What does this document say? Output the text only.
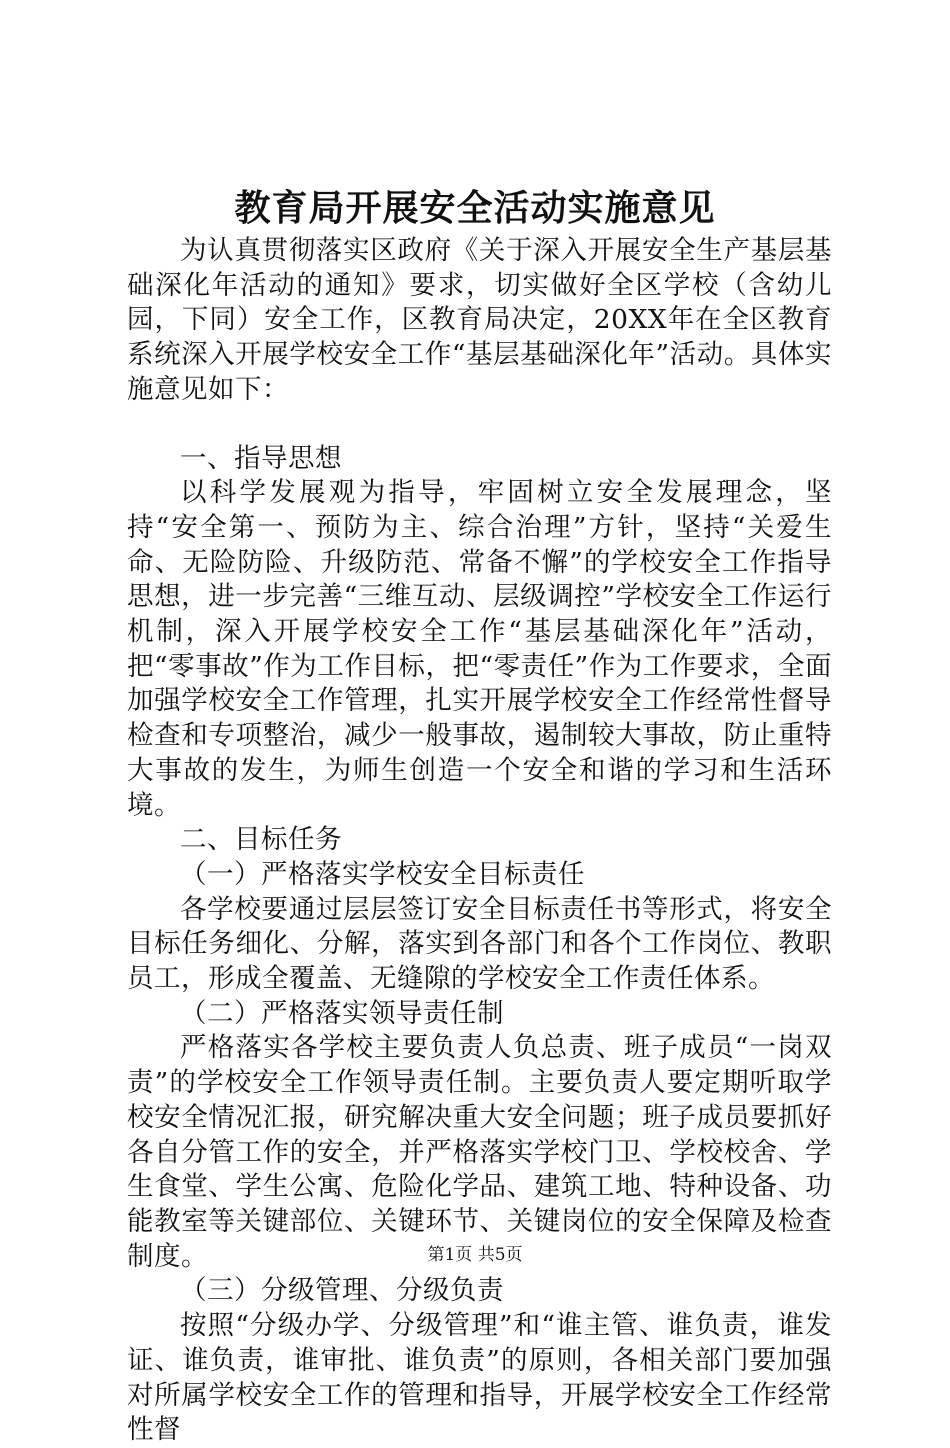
教育局开展安全活动实施意见

为认真贯彻落实区政府《关于深入开展安全生产基层基础深化年活动的通知》要求，切实做好全区学校（含幼儿园，下同）安全工作，区教育局决定，20XX年在全区教育系统深入开展学校安全工作“基层基础深化年”活动。具体实施意见如下：

一、指导思想

以科学发展观为指导，牢固树立安全发展理念，坚持“安全第一、预防为主、综合治理”方针，坚持“关爱生命、无险防险、升级防范、常备不懈”的学校安全工作指导思想，进一步完善“三维互动、层级调控”学校安全工作运行机制，深入开展学校安全工作“基层基础深化年”活动，把“零事故”作为工作目标，把“零责任”作为工作要求，全面加强学校安全工作管理，扎实开展学校安全工作经常性督导检查和专项整治，减少一般事故，遏制较大事故，防止重特大事故的发生，为师生创造一个安全和谐的学习和生活环境。

二、目标任务

（一）严格落实学校安全目标责任

各学校要通过层层签订安全目标责任书等形式，将安全目标任务细化、分解，落实到各部门和各个工作岗位、教职员工，形成全覆盖、无缝隙的学校安全工作责任体系。

（二）严格落实领导责任制

严格落实各学校主要负责人负总责、班子成员“一岗双责”的学校安全工作领导责任制。主要负责人要定期听取学校安全情况汇报，研究解决重大安全问题；班子成员要抓好各自分管工作的安全，并严格落实学校门卫、学校校舍、学生食堂、学生公寓、危险化学品、建筑工地、特种设备、功能教室等关键部位、关键环节、关键岗位的安全保障及检查制度。

（三）分级管理、分级负责

按照“分级办学、分级管理”和“谁主管、谁负责，谁发证、谁负责，谁审批、谁负责”的原则，各相关部门要加强对所属学校安全工作的管理和指导，开展学校安全工作经常性督

第1页 共5页
